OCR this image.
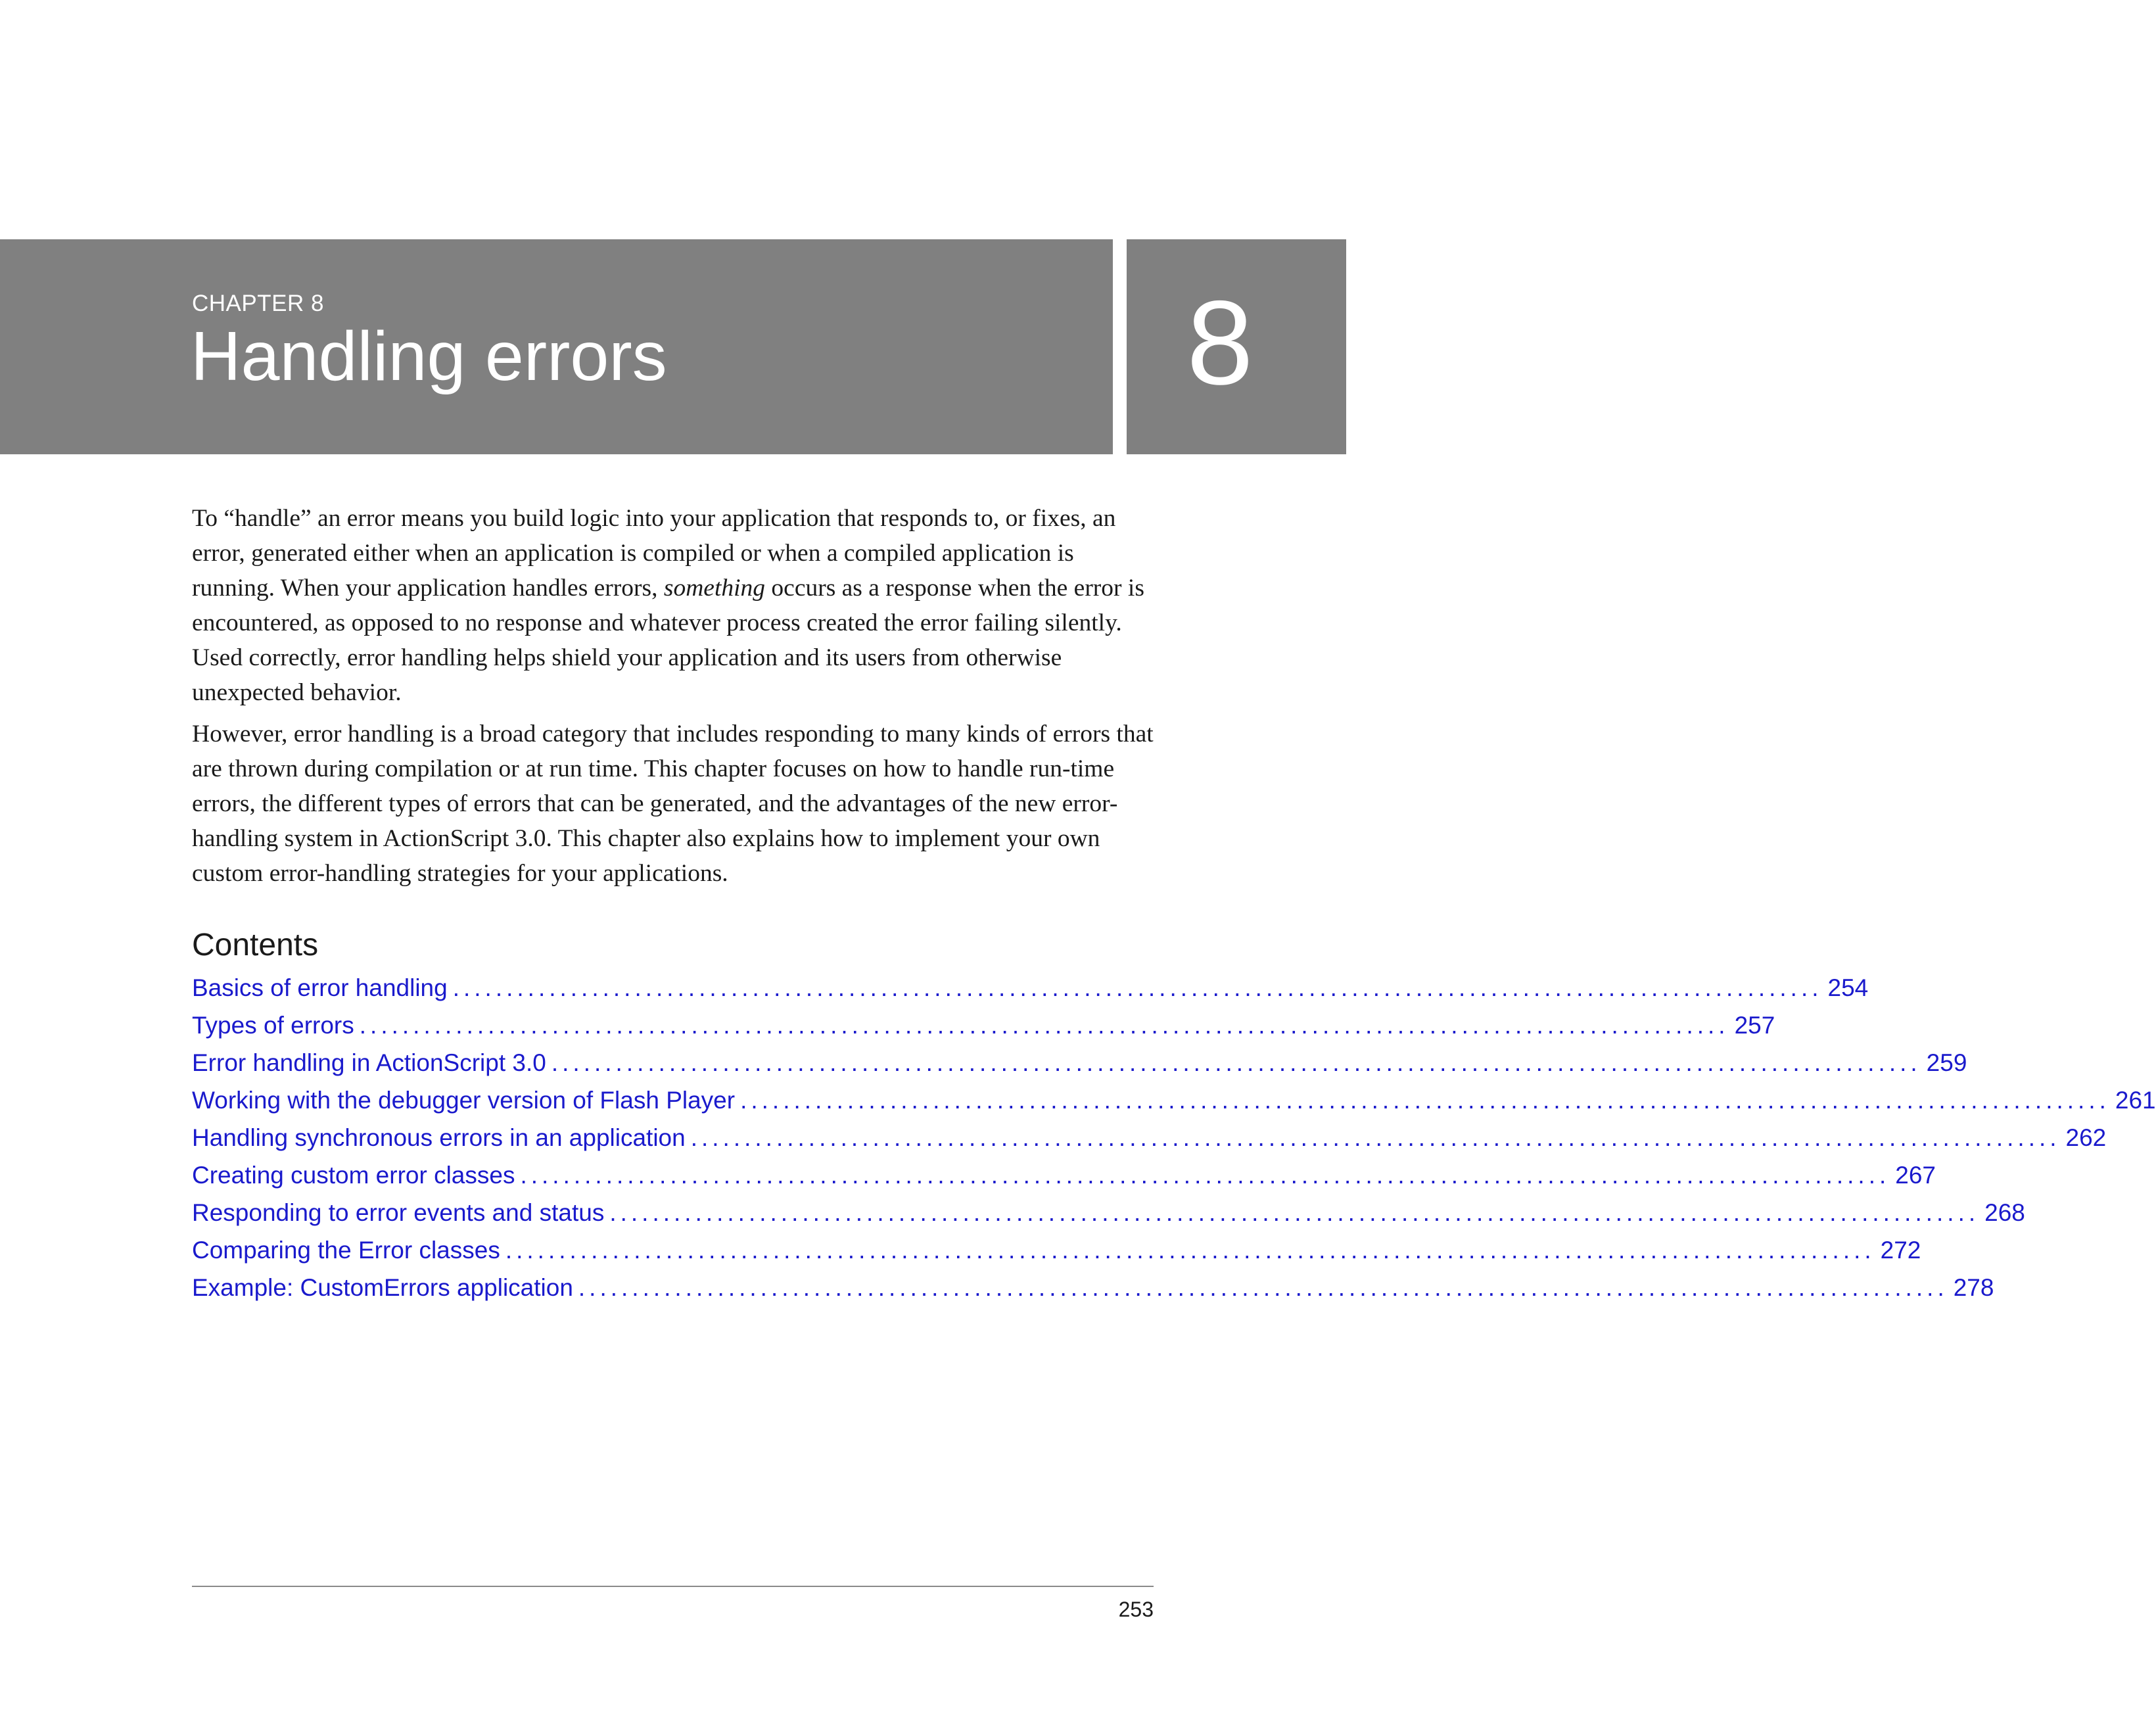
CHAPTER 8
Handling errors	8

To “handle” an error means you build logic into your application that responds to, or fixes, an error, generated either when an application is compiled or when a compiled application is running. When your application handles errors, something occurs as a response when the error is encountered, as opposed to no response and whatever process created the error failing silently. Used correctly, error handling helps shield your application and its users from otherwise unexpected behavior.

However, error handling is a broad category that includes responding to many kinds of errors that are thrown during compilation or at run time. This chapter focuses on how to handle run-time errors, the different types of errors that can be generated, and the advantages of the new error-handling system in ActionScript 3.0. This chapter also explains how to implement your own custom error-handling strategies for your applications.

Contents
Basics of error handling ................................................................................................................................ 254
Types of errors ................................................................................................................................ 257
Error handling in ActionScript 3.0 ................................................................................................................................ 259
Working with the debugger version of Flash Player ................................................................................................................................ 261
Handling synchronous errors in an application ................................................................................................................................ 262
Creating custom error classes ................................................................................................................................ 267
Responding to error events and status ................................................................................................................................ 268
Comparing the Error classes ................................................................................................................................ 272
Example: CustomErrors application ................................................................................................................................ 278
253
